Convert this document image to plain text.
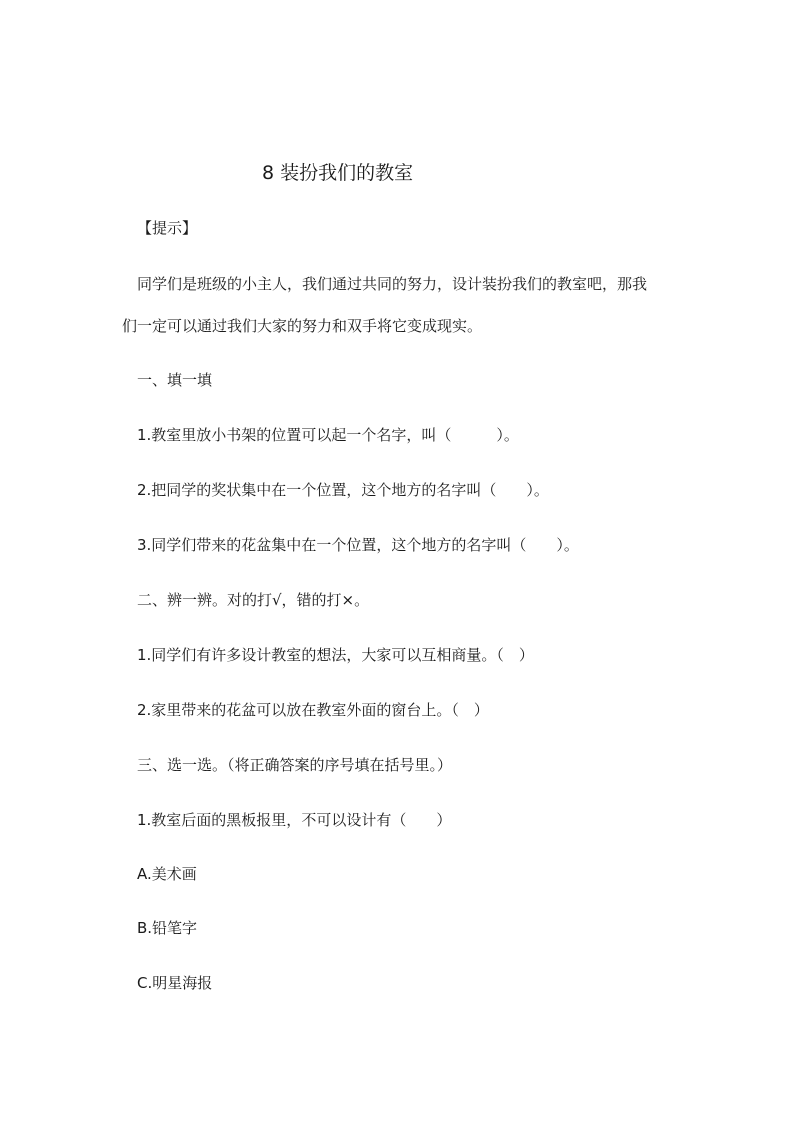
8 装扮我们的教室
【提示】
同学们是班级的小主人，我们通过共同的努力，设计装扮我们的教室吧，那我
们一定可以通过我们大家的努力和双手将它变成现实。
一、填一填
1.教室里放小书架的位置可以起一个名字，叫（　　　）。
2.把同学的奖状集中在一个位置，这个地方的名字叫（　　）。
3.同学们带来的花盆集中在一个位置，这个地方的名字叫（　　）。
二、辨一辨。对的打√，错的打×。
1.同学们有许多设计教室的想法，大家可以互相商量。（　）
2.家里带来的花盆可以放在教室外面的窗台上。（　）
三、选一选。（将正确答案的序号填在括号里。）
1.教室后面的黑板报里，不可以设计有（　　）
A.美术画
B.铅笔字
C.明星海报
